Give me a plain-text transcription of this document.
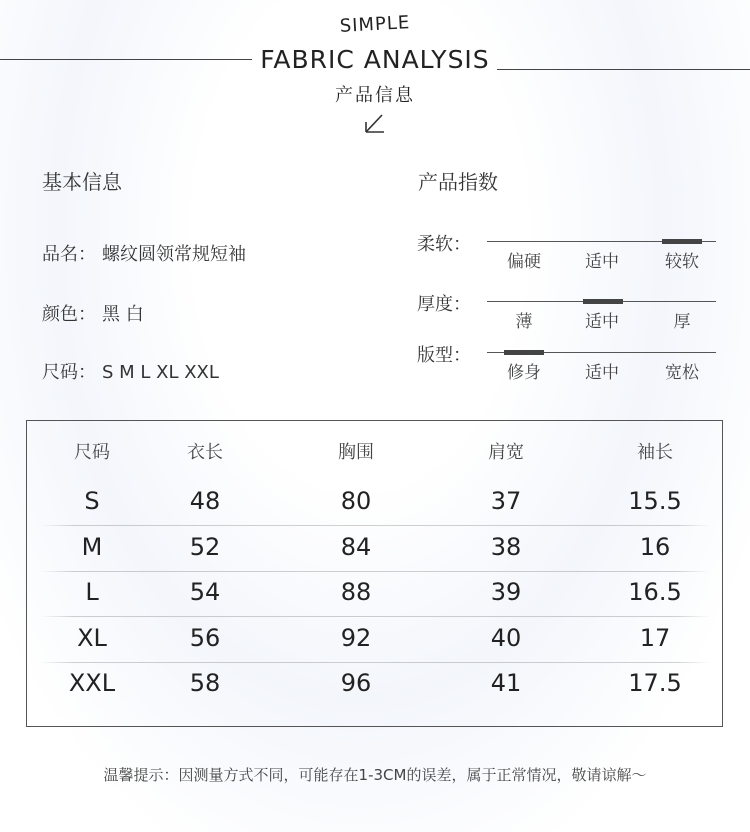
SIMPLE
FABRIC ANALYSIS
产品信息
基本信息
品名： 螺纹圆领常规短袖
颜色： 黑 白
尺码： S M L XL XXL
产品指数
柔软：
偏硬	适中	较软
厚度：
薄	适中	厚
版型：
修身	适中	宽松
尺码	衣长	胸围	肩宽	袖长
S	48	80	37	15.5
M	52	84	38	16
L	54	88	39	16.5
XL	56	92	40	17
XXL	58	96	41	17.5
温馨提示：因测量方式不同，可能存在1-3CM的误差，属于正常情况，敬请谅解～
